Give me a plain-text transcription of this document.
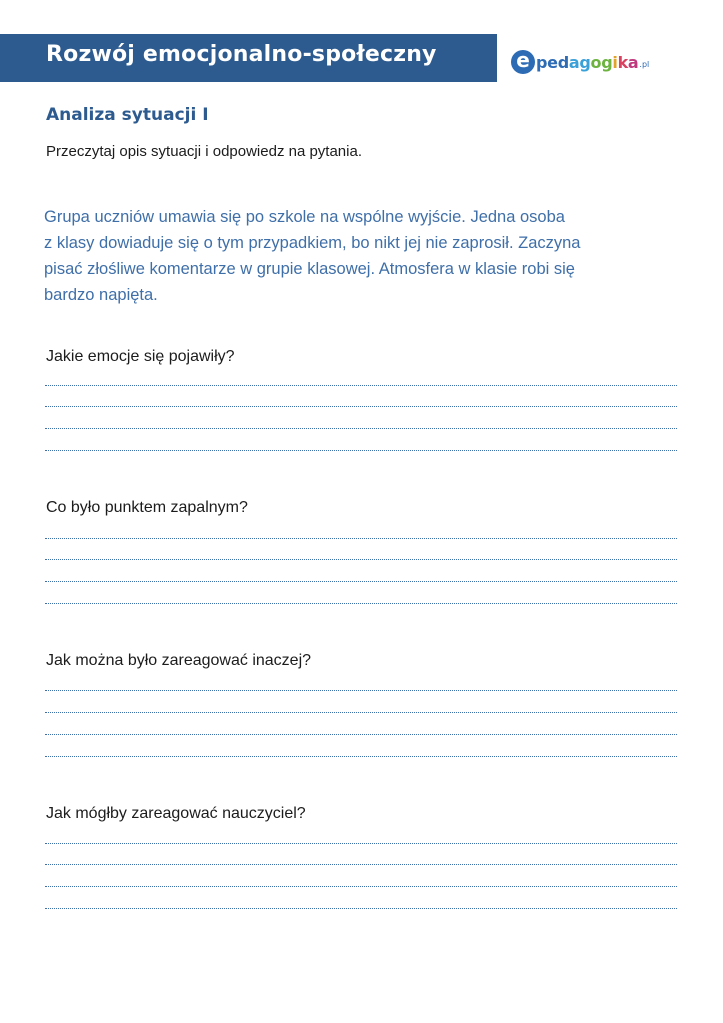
Rozwój emocjonalno-społeczny	e pedagogika .pl
Analiza sytuacji I
Przeczytaj opis sytuacji i odpowiedz na pytania.
Grupa uczniów umawia się po szkole na wspólne wyjście. Jedna osoba
z klasy dowiaduje się o tym przypadkiem, bo nikt jej nie zaprosił. Zaczyna
pisać złośliwe komentarze w grupie klasowej. Atmosfera w klasie robi się
bardzo napięta.
Jakie emocje się pojawiły?
Co było punktem zapalnym?
Jak można było zareagować inaczej?
Jak mógłby zareagować nauczyciel?
